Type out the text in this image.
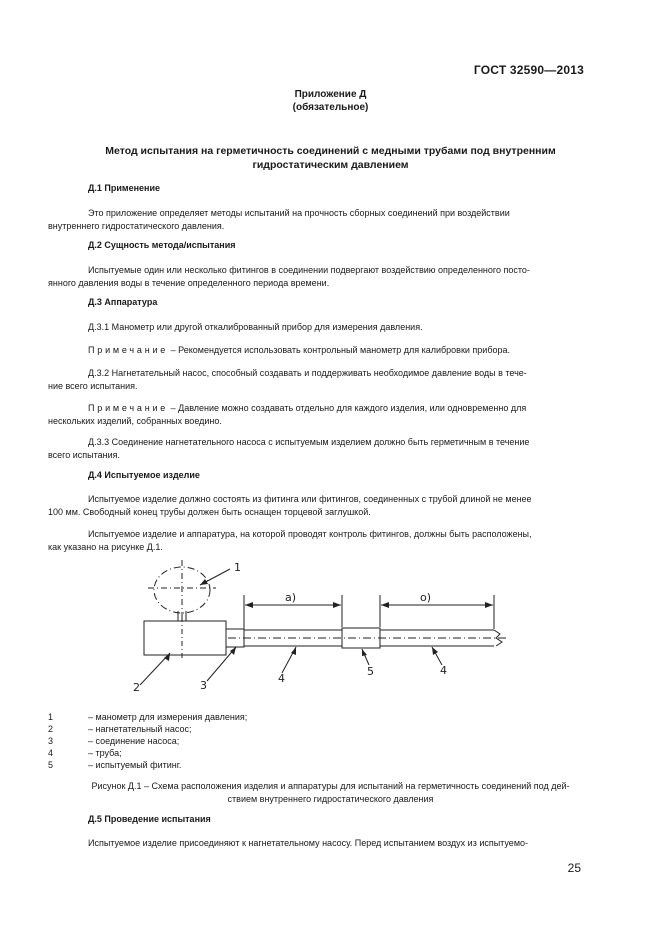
ГОСТ 32590—2013
Приложение Д
(обязательное)
Метод испытания на герметичность соединений с медными трубами под внутренним
гидростатическим давлением
Д.1 Применение
Это приложение определяет методы испытаний на прочность сборных соединений при воздействии
внутреннего гидростатического давления.
Д.2 Сущность метода/испытания
Испытуемые один или несколько фитингов в соединении подвергают воздействию определенного посто-
янного давления воды в течение определенного периода времени.
Д.3 Аппаратура
Д.3.1 Манометр или другой откалиброванный прибор для измерения давления.
Примечание – Рекомендуется использовать контрольный манометр для калибровки прибора.
Д.3.2 Нагнетательный насос, способный создавать и поддерживать необходимое давление воды в тече-
ние всего испытания.
Примечание – Давление можно создавать отдельно для каждого изделия, или одновременно для
нескольких изделий, собранных воедино.
Д.3.3 Соединение нагнетательного насоса с испытуемым изделием должно быть герметичным в течение
всего испытания.
Д.4 Испытуемое изделие
Испытуемое изделие должно состоять из фитинга или фитингов, соединенных с трубой длиной не менее
100 мм. Свободный конец трубы должен быть оснащен торцевой заглушкой.
Испытуемое изделие и аппаратура, на которой проводят контроль фитингов, должны быть расположены,
как указано на рисунке Д.1.
1
2	3
4
5	4
а)	о)
1	– манометр для измерения давления;
2	– нагнетательный насос;
3	– соединение насоса;
4	– труба;
5	– испытуемый фитинг.
Рисунок Д.1 – Схема расположения изделия и аппаратуры для испытаний на герметичность соединений под дей-
ствием внутреннего гидростатического давления
Д.5 Проведение испытания
Испытуемое изделие присоединяют к нагнетательному насосу. Перед испытанием воздух из испытуемо-
25
